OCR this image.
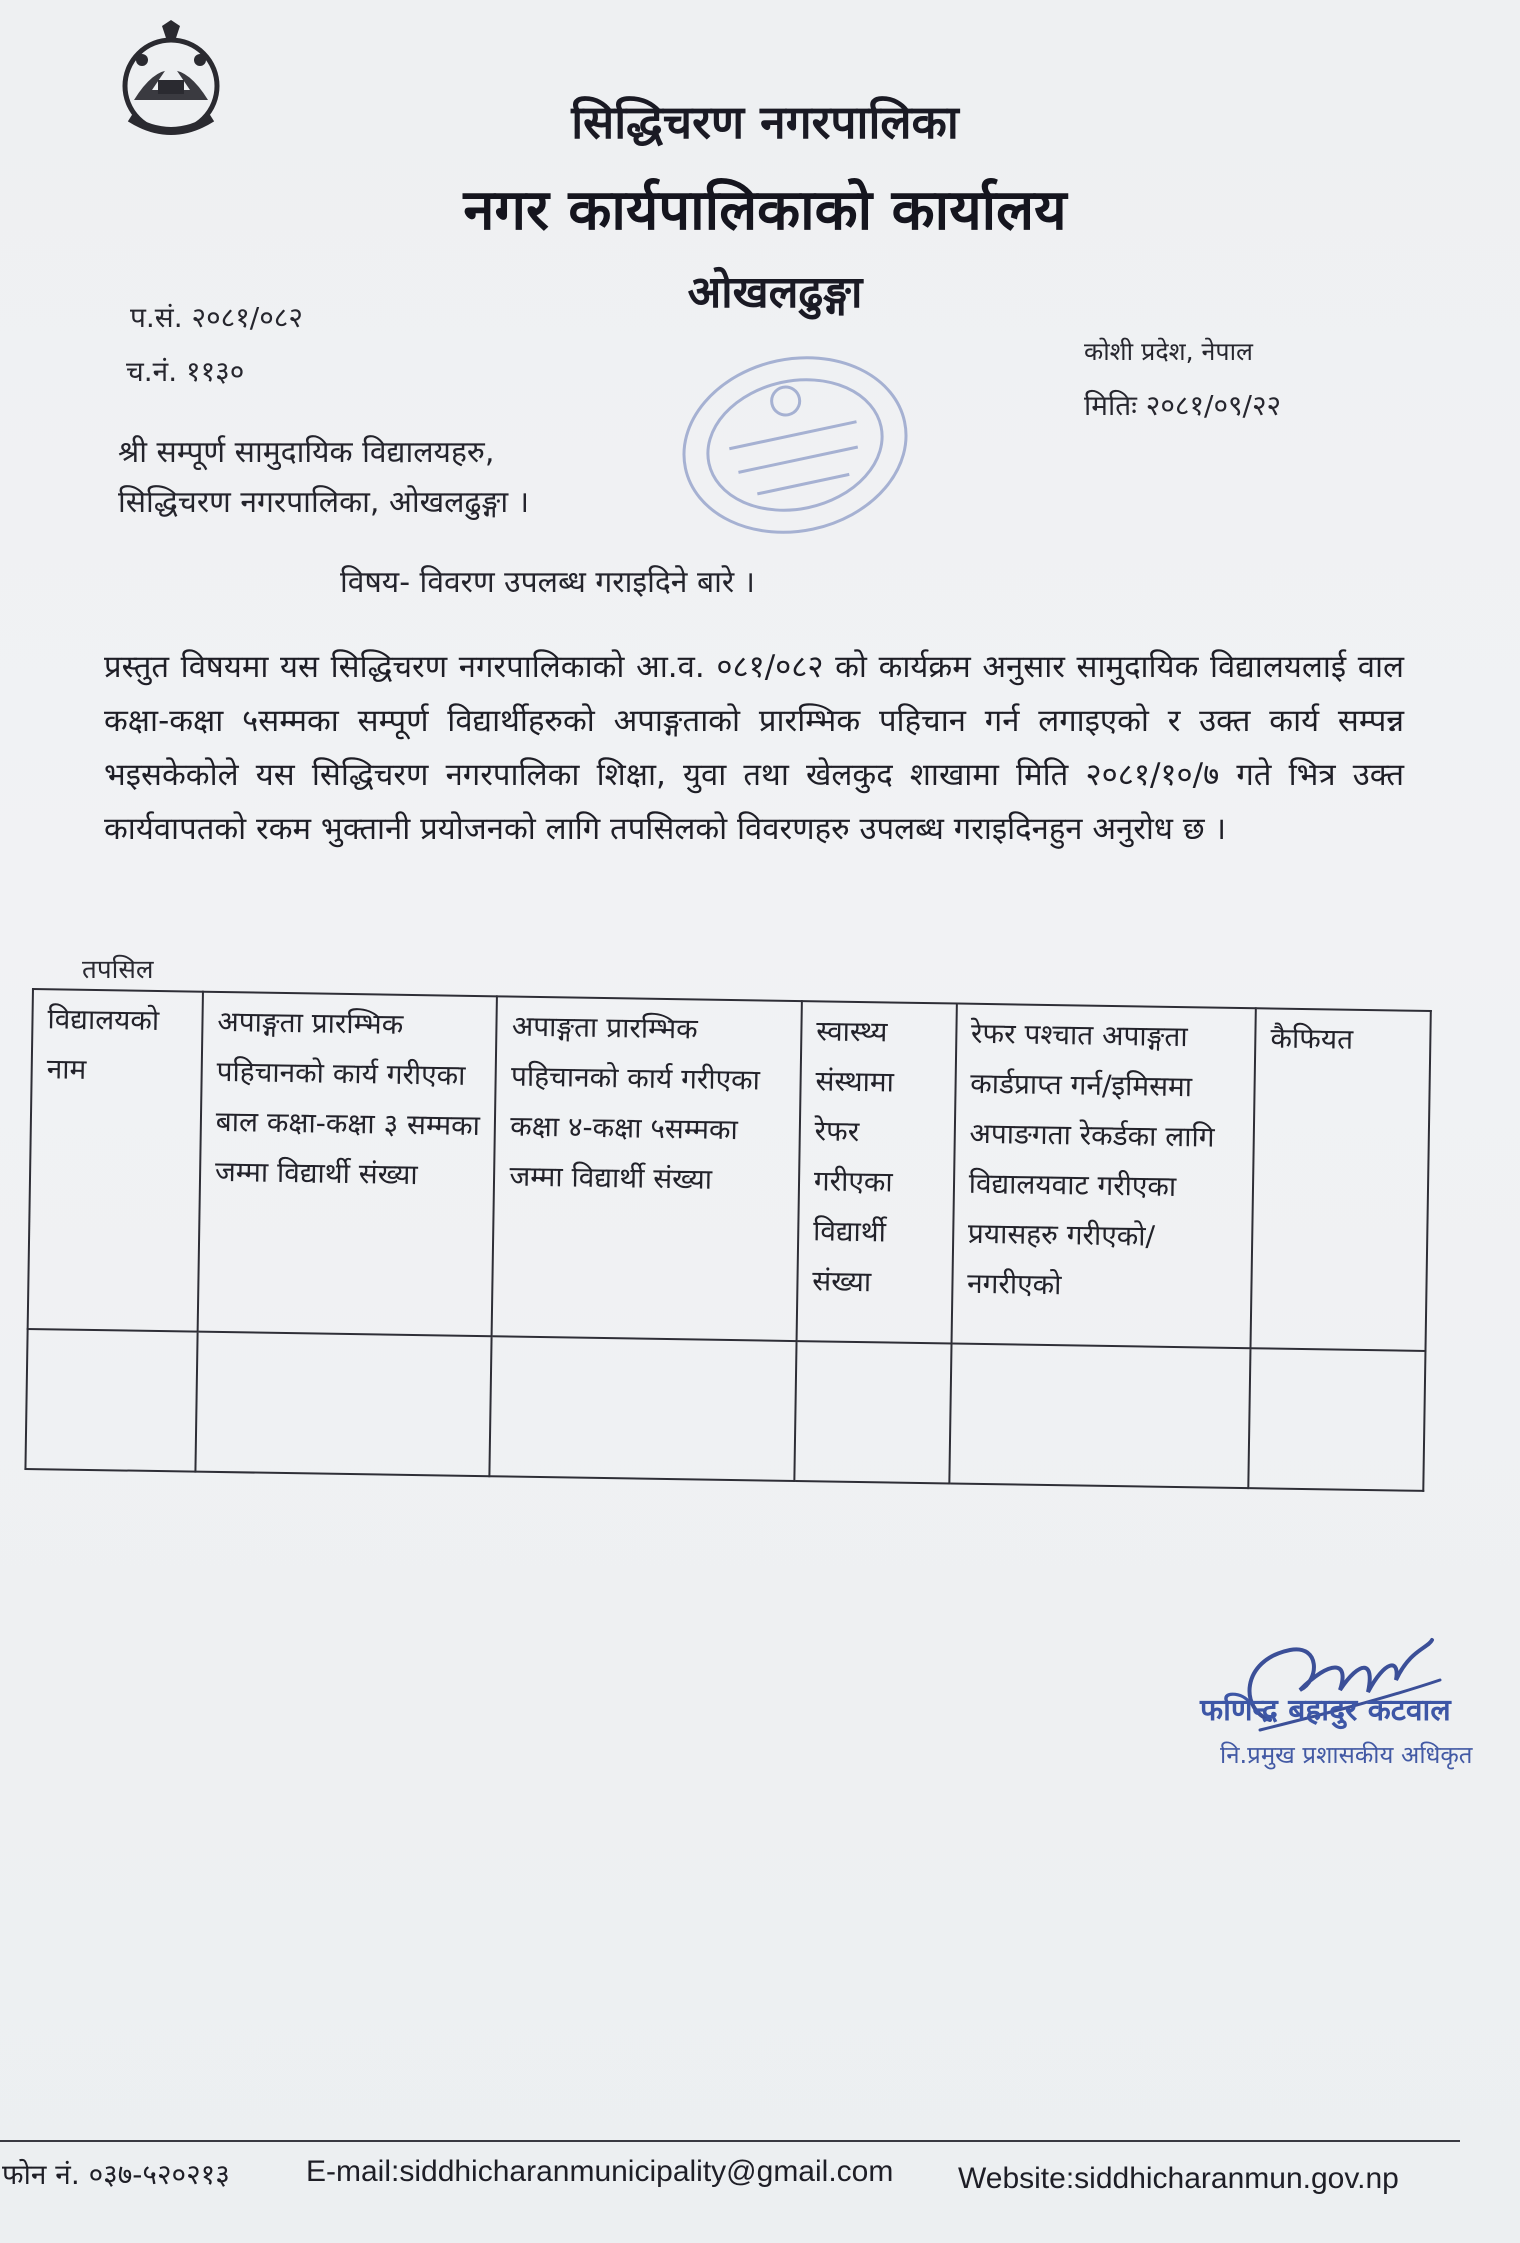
सिद्धिचरण नगरपालिका
नगर कार्यपालिकाको कार्यालय
ओखलढुङ्गा
प.सं. २०८१/०८२
च.नं. ११३०
कोशी प्रदेश, नेपाल
मितिः २०८१/०९/२२
श्री सम्पूर्ण सामुदायिक विद्यालयहरु,
सिद्धिचरण नगरपालिका, ओखलढुङ्गा ।
विषय- विवरण उपलब्ध गराइदिने बारे ।
प्रस्तुत विषयमा यस सिद्धिचरण नगरपालिकाको आ.व. ०८१/०८२ को कार्यक्रम अनुसार सामुदायिक विद्यालयलाई वाल कक्षा-कक्षा ५सम्मका सम्पूर्ण विद्यार्थीहरुको अपाङ्गताको प्रारम्भिक पहिचान गर्न लगाइएको र उक्त कार्य सम्पन्न भइसकेकोले यस सिद्धिचरण नगरपालिका शिक्षा, युवा तथा खेलकुद शाखामा मिति २०८१/१०/७ गते भित्र उक्त कार्यवापतको रकम भुक्तानी प्रयोजनको लागि तपसिलको विवरणहरु उपलब्ध गराइदिनहुन अनुरोध छ ।
तपसिल
विद्यालयको नाम	अपाङ्गता प्रारम्भिक पहिचानको कार्य गरीएका बाल कक्षा-कक्षा ३ सम्मका जम्मा विद्यार्थी संख्या	अपाङ्गता प्रारम्भिक पहिचानको कार्य गरीएका कक्षा ४-कक्षा ५सम्मका जम्मा विद्यार्थी संख्या	स्वास्थ्य संस्थामा रेफर गरीएका विद्यार्थी संख्या	रेफर पश्चात अपाङ्गता कार्डप्राप्त गर्न/इमिसमा अपाङगता रेकर्डका लागि विद्यालयवाट गरीएका प्रयासहरु गरीएको/नगरीएको	कैफियत

फणिन्द्र बहादुर कटवाल
नि.प्रमुख प्रशासकीय अधिकृत
फोन नं. ०३७-५२०२१३	E-mail:siddhicharanmunicipality@gmail.com Website:siddhicharanmun.gov.np
